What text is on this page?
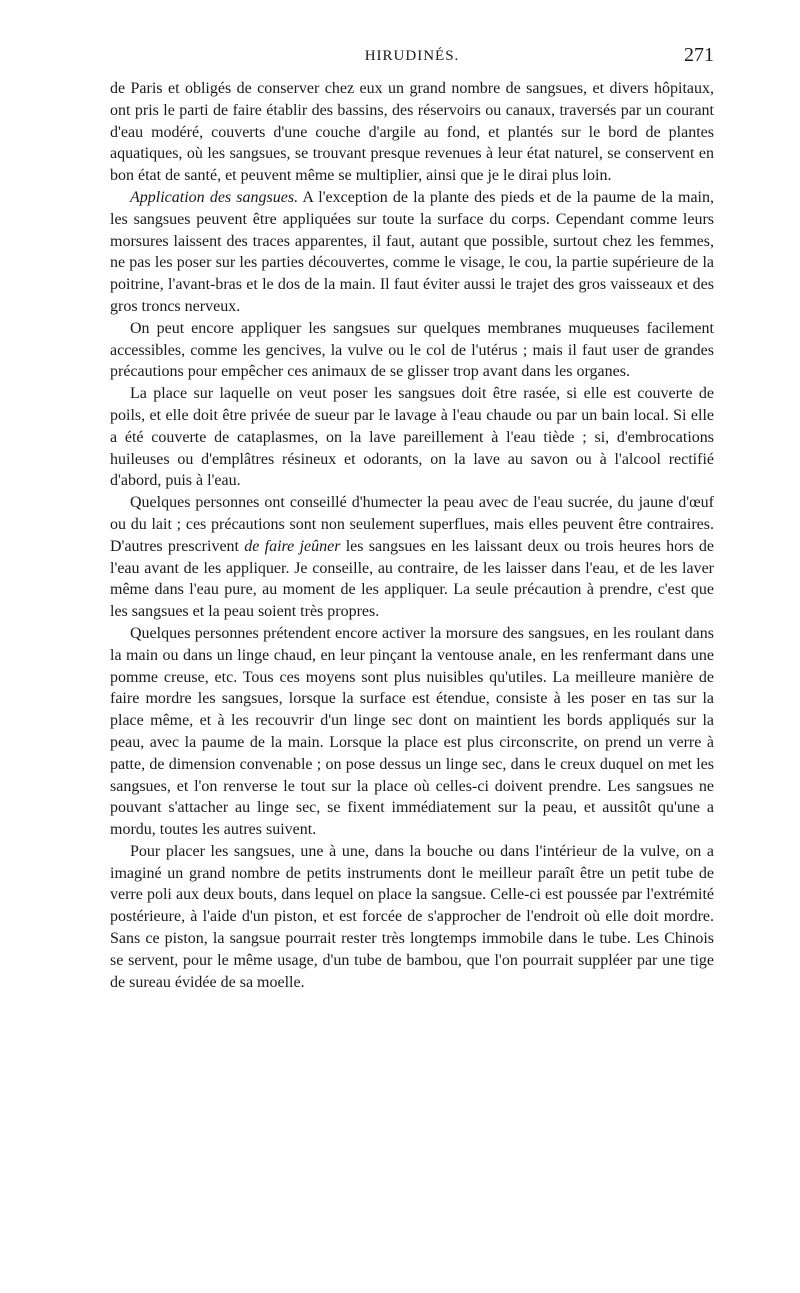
HIRUDINÉS.	271

de Paris et obligés de conserver chez eux un grand nombre de sangsues, et divers hôpitaux, ont pris le parti de faire établir des bassins, des réservoirs ou canaux, traversés par un courant d'eau modéré, couverts d'une couche d'argile au fond, et plantés sur le bord de plantes aquatiques, où les sangsues, se trouvant presque revenues à leur état naturel, se conservent en bon état de santé, et peuvent même se multiplier, ainsi que je le dirai plus loin.

Application des sangsues. A l'exception de la plante des pieds et de la paume de la main, les sangsues peuvent être appliquées sur toute la surface du corps. Cependant comme leurs morsures laissent des traces apparentes, il faut, autant que possible, surtout chez les femmes, ne pas les poser sur les parties découvertes, comme le visage, le cou, la partie supérieure de la poitrine, l'avant-bras et le dos de la main. Il faut éviter aussi le trajet des gros vaisseaux et des gros troncs nerveux.

On peut encore appliquer les sangsues sur quelques membranes muqueuses facilement accessibles, comme les gencives, la vulve ou le col de l'utérus ; mais il faut user de grandes précautions pour empêcher ces animaux de se glisser trop avant dans les organes.

La place sur laquelle on veut poser les sangsues doit être rasée, si elle est couverte de poils, et elle doit être privée de sueur par le lavage à l'eau chaude ou par un bain local. Si elle a été couverte de cataplasmes, on la lave pareillement à l'eau tiède ; si, d'embrocations huileuses ou d'emplâtres résineux et odorants, on la lave au savon ou à l'alcool rectifié d'abord, puis à l'eau.

Quelques personnes ont conseillé d'humecter la peau avec de l'eau sucrée, du jaune d'œuf ou du lait ; ces précautions sont non seulement superflues, mais elles peuvent être contraires. D'autres prescrivent de faire jeûner les sangsues en les laissant deux ou trois heures hors de l'eau avant de les appliquer. Je conseille, au contraire, de les laisser dans l'eau, et de les laver même dans l'eau pure, au moment de les appliquer. La seule précaution à prendre, c'est que les sangsues et la peau soient très propres.

Quelques personnes prétendent encore activer la morsure des sangsues, en les roulant dans la main ou dans un linge chaud, en leur pinçant la ventouse anale, en les renfermant dans une pomme creuse, etc. Tous ces moyens sont plus nuisibles qu'utiles. La meilleure manière de faire mordre les sangsues, lorsque la surface est étendue, consiste à les poser en tas sur la place même, et à les recouvrir d'un linge sec dont on maintient les bords appliqués sur la peau, avec la paume de la main. Lorsque la place est plus circonscrite, on prend un verre à patte, de dimension convenable ; on pose dessus un linge sec, dans le creux duquel on met les sangsues, et l'on renverse le tout sur la place où celles-ci doivent prendre. Les sangsues ne pouvant s'attacher au linge sec, se fixent immédiatement sur la peau, et aussitôt qu'une a mordu, toutes les autres suivent.

Pour placer les sangsues, une à une, dans la bouche ou dans l'intérieur de la vulve, on a imaginé un grand nombre de petits instruments dont le meilleur paraît être un petit tube de verre poli aux deux bouts, dans lequel on place la sangsue. Celle-ci est poussée par l'extrémité postérieure, à l'aide d'un piston, et est forcée de s'approcher de l'endroit où elle doit mordre. Sans ce piston, la sangsue pourrait rester très longtemps immobile dans le tube. Les Chinois se servent, pour le même usage, d'un tube de bambou, que l'on pourrait suppléer par une tige de sureau évidée de sa moelle.
